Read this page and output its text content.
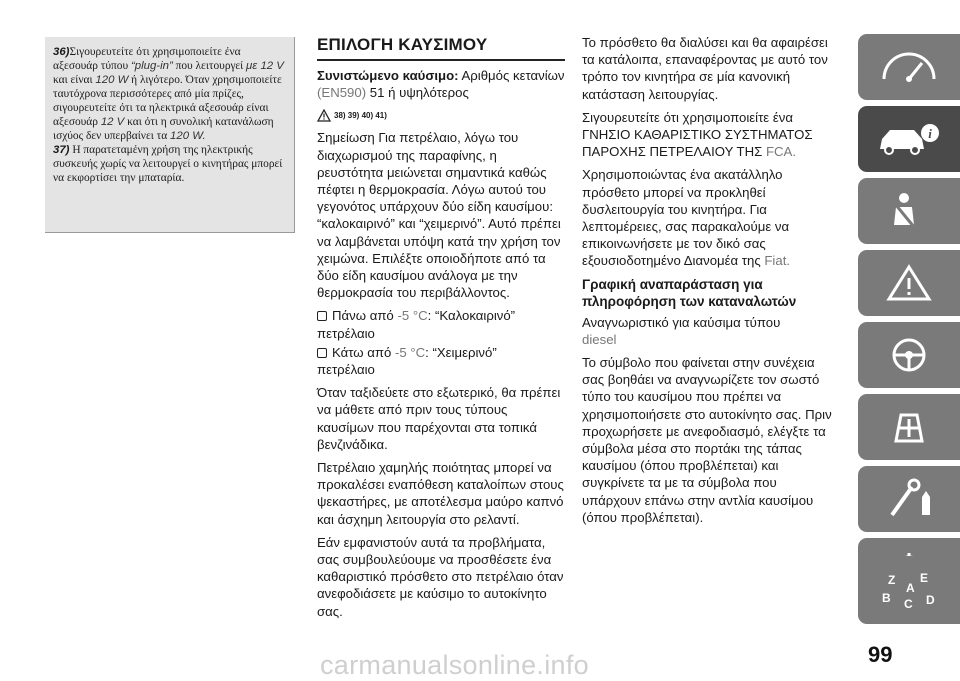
36)Σιγουρευτείτε ότι χρησιμοποιείτε ένα αξεσουάρ τύπου “plug-in” που λειτουργεί με 12 V και είναι 120 W ή λιγότερο. Όταν χρησιμοποιείτε ταυτόχρονα περισσότερες από μία πρίζες, σιγουρευτείτε ότι τα ηλεκτρικά αξεσουάρ είναι αξεσουάρ 12 V και ότι η συνολική κατανάλωση ισχύος δεν υπερβαίνει τα 120 W.

37) Η παρατεταμένη χρήση της ηλεκτρικής συσκευής χωρίς να λειτουργεί ο κινητήρας μπορεί να εκφορτίσει την μπαταρία.

ΕΠΙΛΟΓΗ ΚΑΥΣΙΜΟΥ

Συνιστώμενο καύσιμο: Αριθμός κετανίων (EN590) 51 ή υψηλότερος

38) 39) 40) 41)

Σημείωση Για πετρέλαιο, λόγω του διαχωρισμού της παραφίνης, η ρευστότητα μειώνεται σημαντικά καθώς πέφτει η θερμοκρασία. Λόγω αυτού του γεγονότος υπάρχουν δύο είδη καυσίμου: “καλοκαιρινό” και “χειμερινό”. Αυτό πρέπει να λαμβάνεται υπόψη κατά την χρήση τον χειμώνα. Επιλέξτε οποιοδήποτε από τα δύο είδη καυσίμου ανάλογα με την θερμοκρασία του περιβάλλοντος.

Πάνω από -5 °C: “Καλοκαιρινό”
πετρέλαιο

Κάτω από -5 °C: “Χειμερινό”
πετρέλαιο

Όταν ταξιδεύετε στο εξωτερικό, θα πρέπει να μάθετε από πριν τους τύπους καυσίμων που παρέχονται στα τοπικά βενζινάδικα.

Πετρέλαιο χαμηλής ποιότητας μπορεί να προκαλέσει εναπόθεση καταλοίπων στους ψεκαστήρες, με αποτέλεσμα μαύρο καπνό και άσχημη λειτουργία στο ρελαντί.

Εάν εμφανιστούν αυτά τα προβλήματα, σας συμβουλεύουμε να προσθέσετε ένα καθαριστικό πρόσθετο στο πετρέλαιο όταν ανεφοδιάσετε με καύσιμο το αυτοκίνητο σας.

Το πρόσθετο θα διαλύσει και θα αφαιρέσει τα κατάλοιπα, επαναφέροντας με αυτό τον τρόπο τον κινητήρα σε μία κανονική κατάσταση λειτουργίας.

Σιγουρευτείτε ότι χρησιμοποιείτε ένα ΓΝΗΣΙΟ ΚΑΘΑΡΙΣΤΙΚΟ ΣΥΣΤΗΜΑΤΟΣ ΠΑΡΟΧΗΣ ΠΕΤΡΕΛΑΙΟΥ ΤΗΣ FCA.

Χρησιμοποιώντας ένα ακατάλληλο πρόσθετο μπορεί να προκληθεί δυσλειτουργία του κινητήρα. Για λεπτομέρειες, σας παρακαλούμε να επικοινωνήσετε με τον δικό σας εξουσιοδοτημένο Διανομέα της Fiat.

Γραφική αναπαράσταση για πληροφόρηση των καταναλωτών

Αναγνωριστικό για καύσιμα τύπου
diesel

Το σύμβολο που φαίνεται στην συνέχεια σας βοηθάει να αναγνωρίζετε τον σωστό τύπο του καυσίμου που πρέπει να χρησιμοποιήσετε στο αυτοκίνητο σας. Πριν προχωρήσετε με ανεφοδιασμό, ελέγξτε τα σύμβολα μέσα στο πορτάκι της τάπας καυσίμου (όπου προβλέπεται) και συγκρίνετε τα με τα σύμβολα που υπάρχουν επάνω στην αντλία καυσίμου (όπου προβλέπεται).

i
Z E
B C D
A
99
carmanualsonline.info
